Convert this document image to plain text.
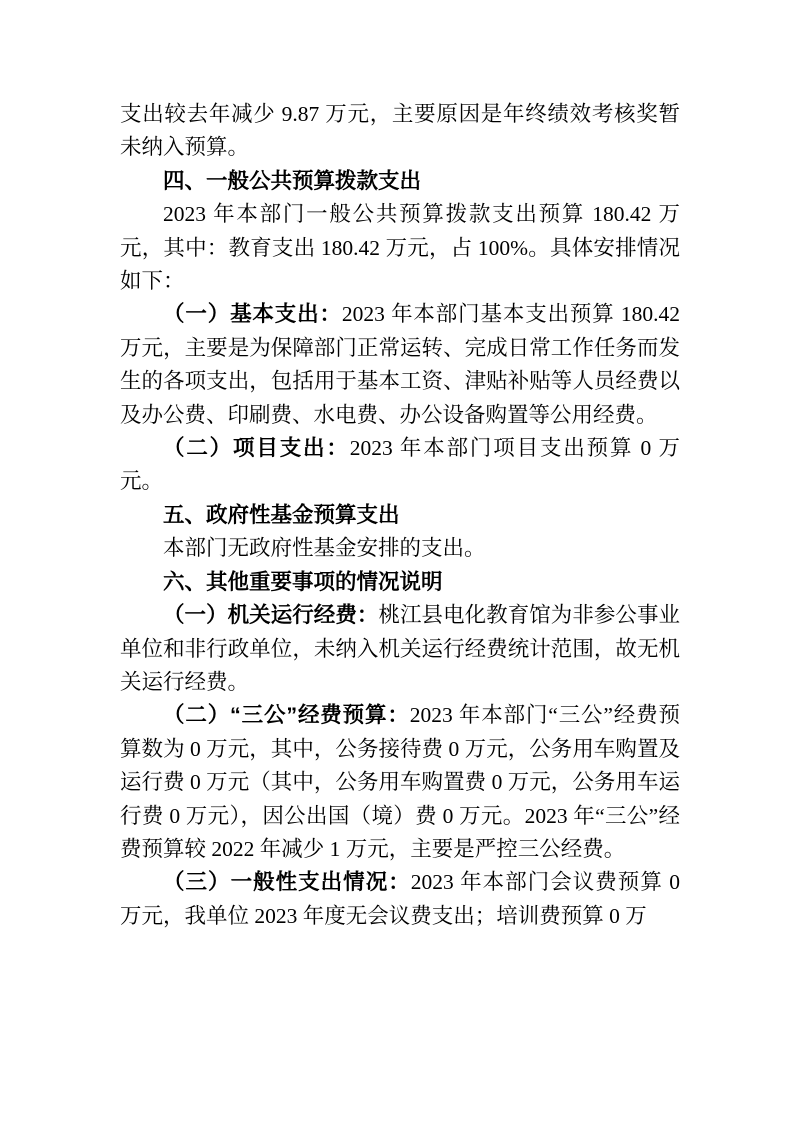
支出较去年减少 9.87 万元，主要原因是年终绩效考核奖暂未纳入预算。

四、一般公共预算拨款支出

2023 年本部门一般公共预算拨款支出预算 180.42 万元，其中：教育支出 180.42 万元，占 100%。具体安排情况如下：

（一）基本支出：2023 年本部门基本支出预算 180.42 万元，主要是为保障部门正常运转、完成日常工作任务而发生的各项支出，包括用于基本工资、津贴补贴等人员经费以及办公费、印刷费、水电费、办公设备购置等公用经费。

（二）项目支出：2023 年本部门项目支出预算 0 万元。

五、政府性基金预算支出

本部门无政府性基金安排的支出。

六、其他重要事项的情况说明

（一）机关运行经费：桃江县电化教育馆为非参公事业单位和非行政单位，未纳入机关运行经费统计范围，故无机关运行经费。

（二）“三公”经费预算：2023 年本部门“三公”经费预算数为 0 万元，其中，公务接待费 0 万元，公务用车购置及运行费 0 万元（其中，公务用车购置费 0 万元，公务用车运行费 0 万元），因公出国（境）费 0 万元。2023 年“三公”经费预算较 2022 年减少 1 万元，主要是严控三公经费。

（三）一般性支出情况：2023 年本部门会议费预算 0 万元，我单位 2023 年度无会议费支出；培训费预算 0 万
